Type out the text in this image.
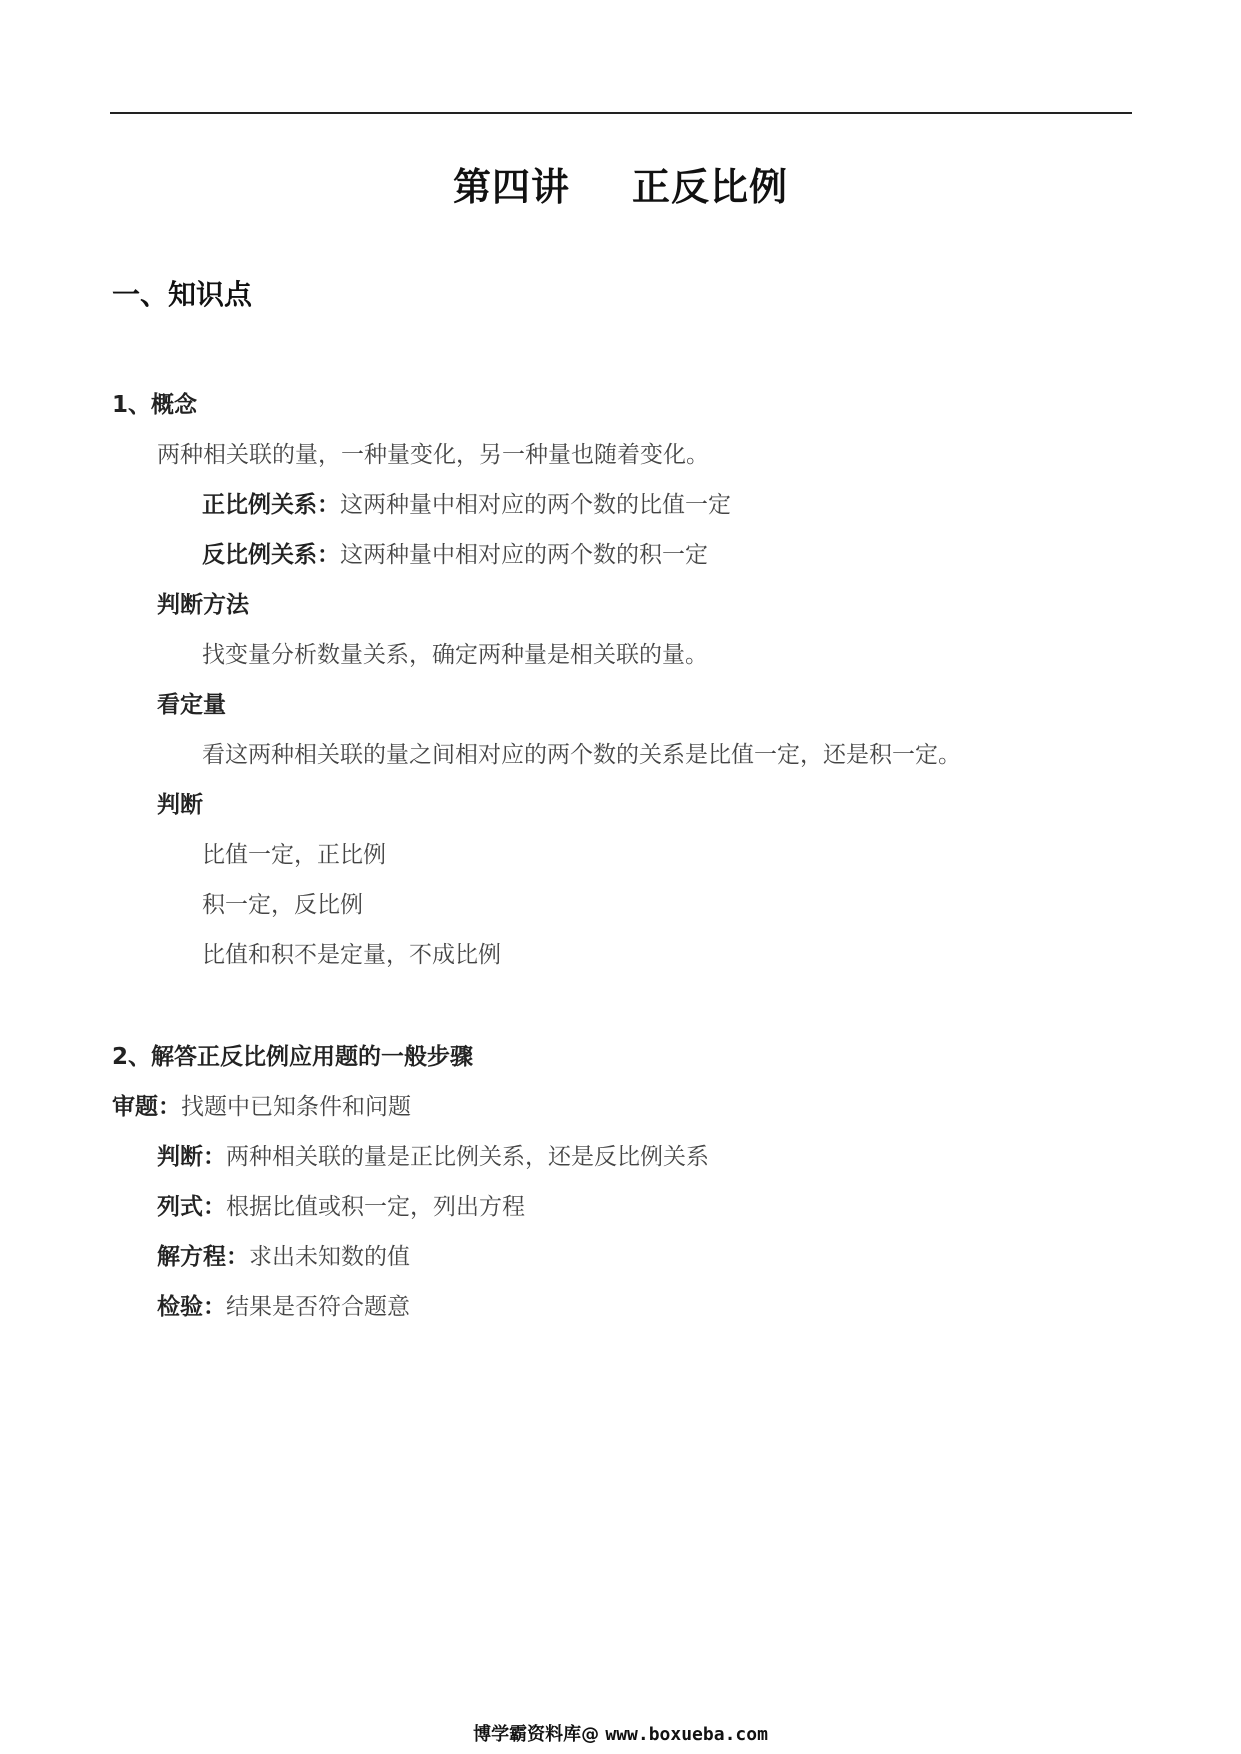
第四讲 正反比例
一、知识点
1、概念
两种相关联的量，一种量变化，另一种量也随着变化。
正比例关系：这两种量中相对应的两个数的比值一定
反比例关系：这两种量中相对应的两个数的积一定
判断方法
找变量分析数量关系，确定两种量是相关联的量。
看定量
看这两种相关联的量之间相对应的两个数的关系是比值一定，还是积一定。
判断
比值一定，正比例
积一定，反比例
比值和积不是定量，不成比例
2、解答正反比例应用题的一般步骤
审题：找题中已知条件和问题
判断：两种相关联的量是正比例关系，还是反比例关系
列式：根据比值或积一定，列出方程
解方程：求出未知数的值
检验：结果是否符合题意
博学霸资料库@ www.boxueba.com
